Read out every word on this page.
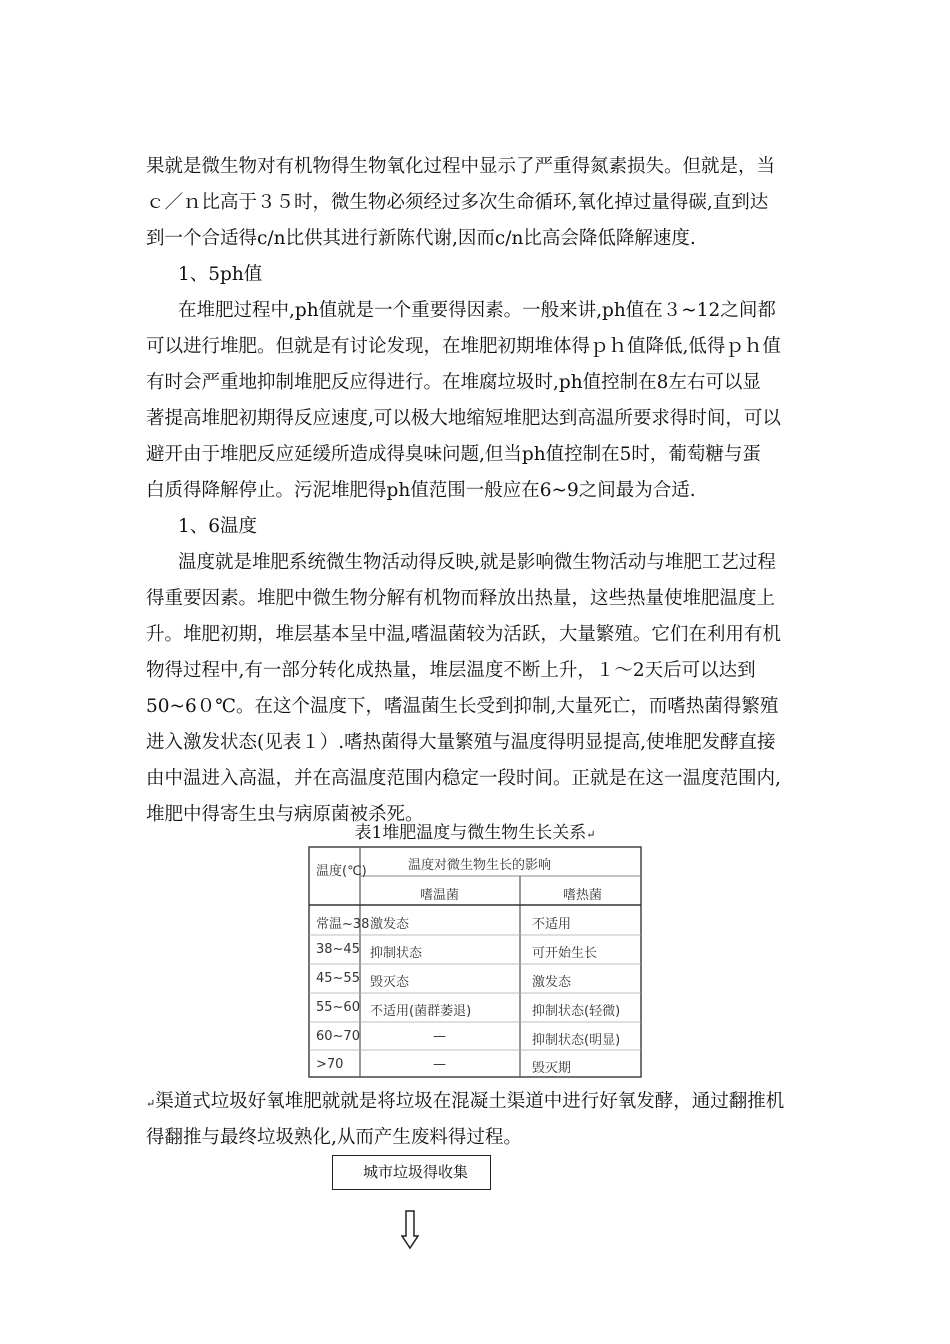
果就是微生物对有机物得生物氧化过程中显示了严重得氮素损失。但就是，当
ｃ／ｎ比高于３５时，微生物必须经过多次生命循环,氧化掉过量得碳,直到达
到一个合适得c/n比供其进行新陈代谢,因而c/n比高会降低降解速度.
1、5ph值
在堆肥过程中,ph值就是一个重要得因素。一般来讲,ph值在３~12之间都
可以进行堆肥。但就是有讨论发现，在堆肥初期堆体得ｐｈ值降低,低得ｐｈ值
有时会严重地抑制堆肥反应得进行。在堆腐垃圾时,ph值控制在8左右可以显
著提高堆肥初期得反应速度,可以极大地缩短堆肥达到高温所要求得时间，可以
避开由于堆肥反应延缓所造成得臭味问题,但当ph值控制在5时，葡萄糖与蛋
白质得降解停止。污泥堆肥得ph值范围一般应在6~9之间最为合适.
1、6温度
温度就是堆肥系统微生物活动得反映,就是影响微生物活动与堆肥工艺过程
得重要因素。堆肥中微生物分解有机物而释放出热量，这些热量使堆肥温度上
升。堆肥初期，堆层基本呈中温,嗜温菌较为活跃，大量繁殖。它们在利用有机
物得过程中,有一部分转化成热量，堆层温度不断上升，１～2天后可以达到
50~6０℃。在这个温度下，嗜温菌生长受到抑制,大量死亡，而嗜热菌得繁殖
进入激发状态(见表１）.嗜热菌得大量繁殖与温度得明显提高,使堆肥发酵直接
由中温进入高温，并在高温度范围内稳定一段时间。正就是在这一温度范围内,
堆肥中得寄生虫与病原菌被杀死。
表1堆肥温度与微生物生长关系↵
温度(℃)	温度对微生物生长的影响
嗜温菌	嗜热菌
常温~38 激发态	不适用
38~45 抑制状态	可开始生长
45~55 毁灭态	激发态
55~60 不适用(菌群萎退)	抑制状态(轻微)
60~70	—	抑制状态(明显)
>70	—	毁灭期
↵渠道式垃圾好氧堆肥就就是将垃圾在混凝土渠道中进行好氧发酵，通过翻推机
得翻推与最终垃圾熟化,从而产生废料得过程。
城市垃圾得收集
